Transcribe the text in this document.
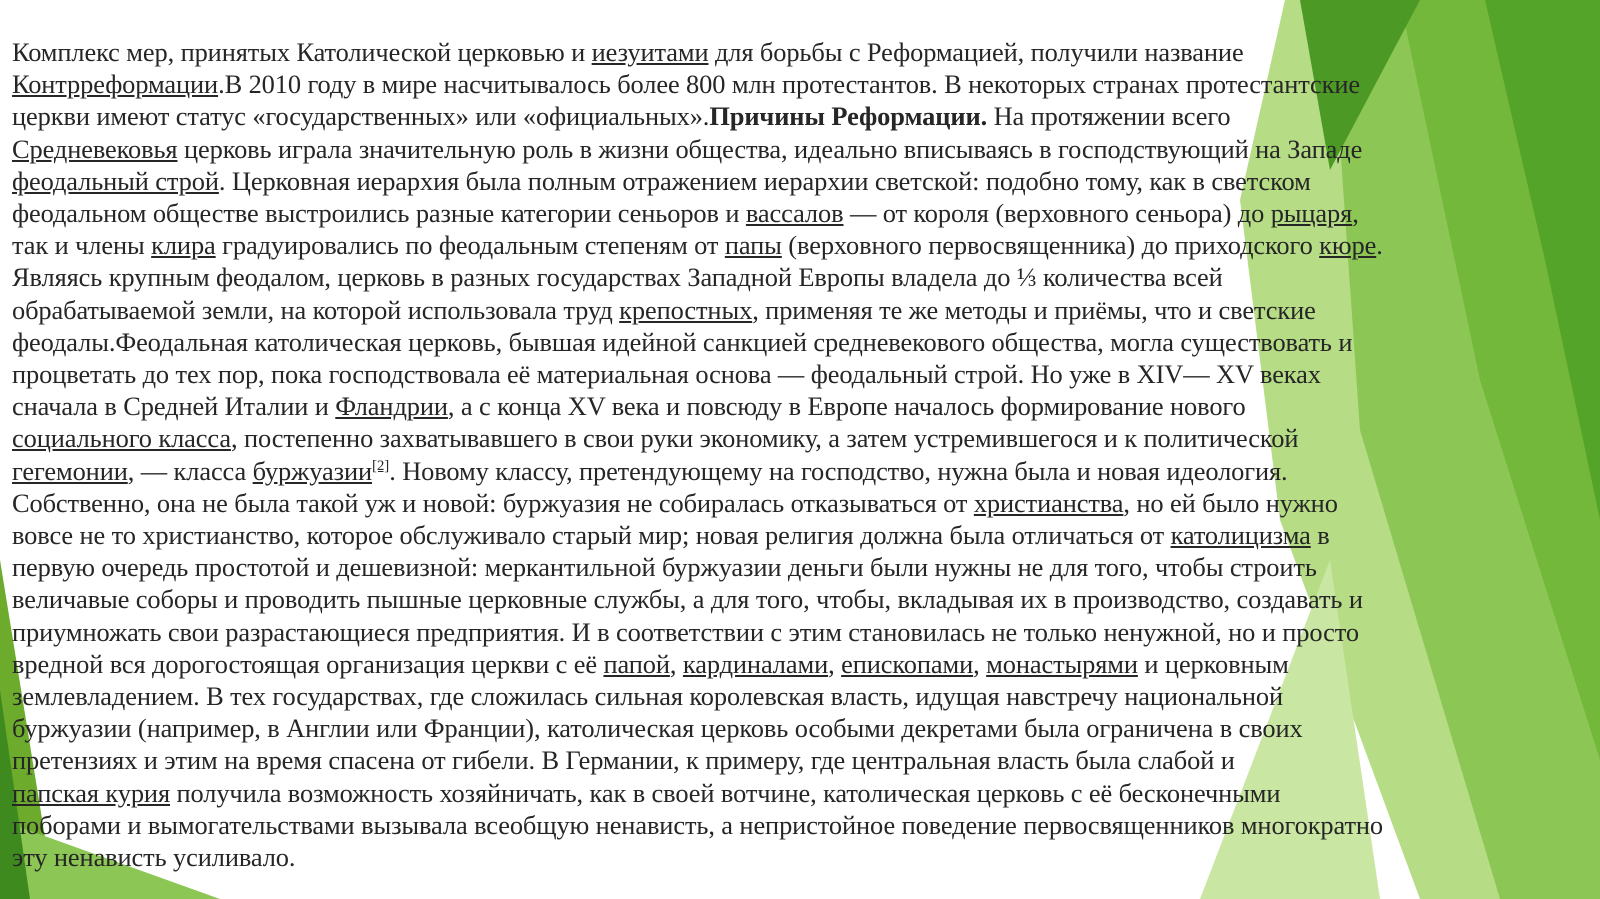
Комплекс мер, принятых Католической церковью и иезуитами для борьбы с Реформацией, получили название
Контрреформации.В 2010 году в мире насчитывалось более 800 млн протестантов. В некоторых странах протестантские
церкви имеют статус «государственных» или «официальных».Причины Реформации. На протяжении всего
Средневековья церковь играла значительную роль в жизни общества, идеально вписываясь в господствующий на Западе
феодальный строй. Церковная иерархия была полным отражением иерархии светской: подобно тому, как в светском
феодальном обществе выстроились разные категории сеньоров и вассалов — от короля (верховного сеньора) до рыцаря,
так и члены клира градуировались по феодальным степеням от папы (верховного первосвященника) до приходского кюре.
Являясь крупным феодалом, церковь в разных государствах Западной Европы владела до ⅓ количества всей
обрабатываемой земли, на которой использовала труд крепостных, применяя те же методы и приёмы, что и светские
феодалы.Феодальная католическая церковь, бывшая идейной санкцией средневекового общества, могла существовать и
процветать до тех пор, пока господствовала её материальная основа — феодальный строй. Но уже в XIV— XV веках
сначала в Средней Италии и Фландрии, а с конца XV века и повсюду в Европе началось формирование нового
социального класса, постепенно захватывавшего в свои руки экономику, а затем устремившегося и к политической
гегемонии, — класса буржуазии[2]. Новому классу, претендующему на господство, нужна была и новая идеология.
Собственно, она не была такой уж и новой: буржуазия не собиралась отказываться от христианства, но ей было нужно
вовсе не то христианство, которое обслуживало старый мир; новая религия должна была отличаться от католицизма в
первую очередь простотой и дешевизной: меркантильной буржуазии деньги были нужны не для того, чтобы строить
величавые соборы и проводить пышные церковные службы, а для того, чтобы, вкладывая их в производство, создавать и
приумножать свои разрастающиеся предприятия. И в соответствии с этим становилась не только ненужной, но и просто
вредной вся дорогостоящая организация церкви с её папой, кардиналами, епископами, монастырями и церковным
землевладением. В тех государствах, где сложилась сильная королевская власть, идущая навстречу национальной
буржуазии (например, в Англии или Франции), католическая церковь особыми декретами была ограничена в своих
претензиях и этим на время спасена от гибели. В Германии, к примеру, где центральная власть была слабой и
папская курия получила возможность хозяйничать, как в своей вотчине, католическая церковь с её бесконечными
поборами и вымогательствами вызывала всеобщую ненависть, а непристойное поведение первосвященников многократно
эту ненависть усиливало.
